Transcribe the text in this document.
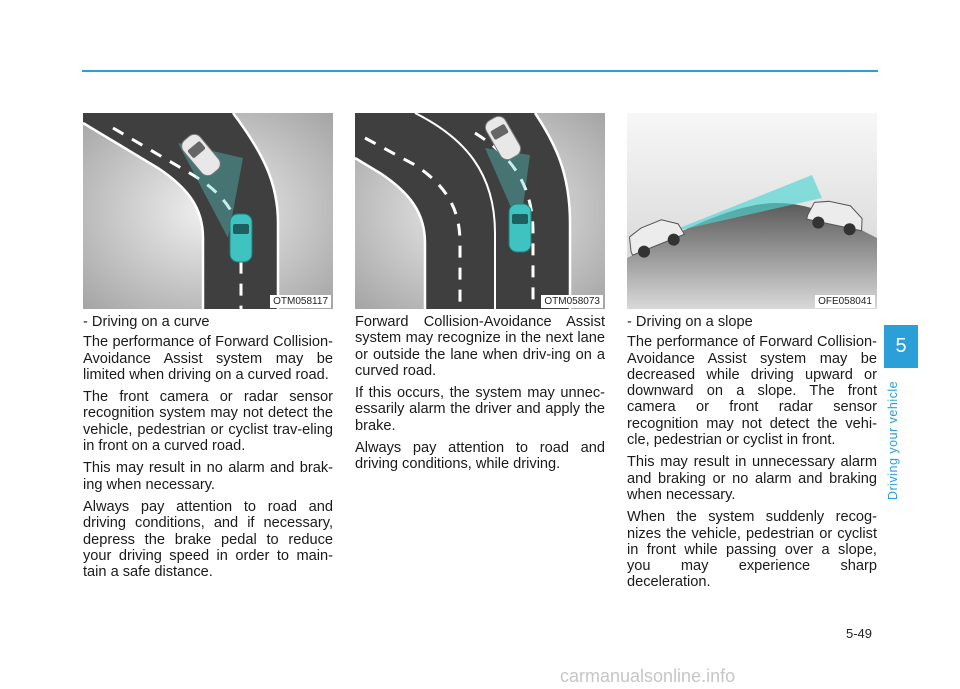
OTM058117	OTM058073	OFE058041

- Driving on a curve

The performance of Forward Collision-Avoidance Assist system may be limited when driving on a curved road.

The front camera or radar sensor recognition system may not detect the vehicle, pedestrian or cyclist trav-eling in front on a curved road.

This may result in no alarm and brak-ing when necessary.

Always pay attention to road and driving conditions, and if necessary, depress the brake pedal to reduce your driving speed in order to main-tain a safe distance.

Forward Collision-Avoidance Assist system may recognize in the next lane or outside the lane when driv-ing on a curved road.

If this occurs, the system may unnec-essarily alarm the driver and apply the brake.

Always pay attention to road and driving conditions, while driving.

- Driving on a slope

The performance of Forward Collision-Avoidance Assist system may be decreased while driving upward or downward on a slope. The front camera or front radar sensor recognition may not detect the vehi-cle, pedestrian or cyclist in front.

This may result in unnecessary alarm and braking or no alarm and braking when necessary.

When the system suddenly recog-nizes the vehicle, pedestrian or cyclist in front while passing over a slope, you may experience sharp deceleration.

5
Driving your vehicle
5-49
carmanualsonline.info
